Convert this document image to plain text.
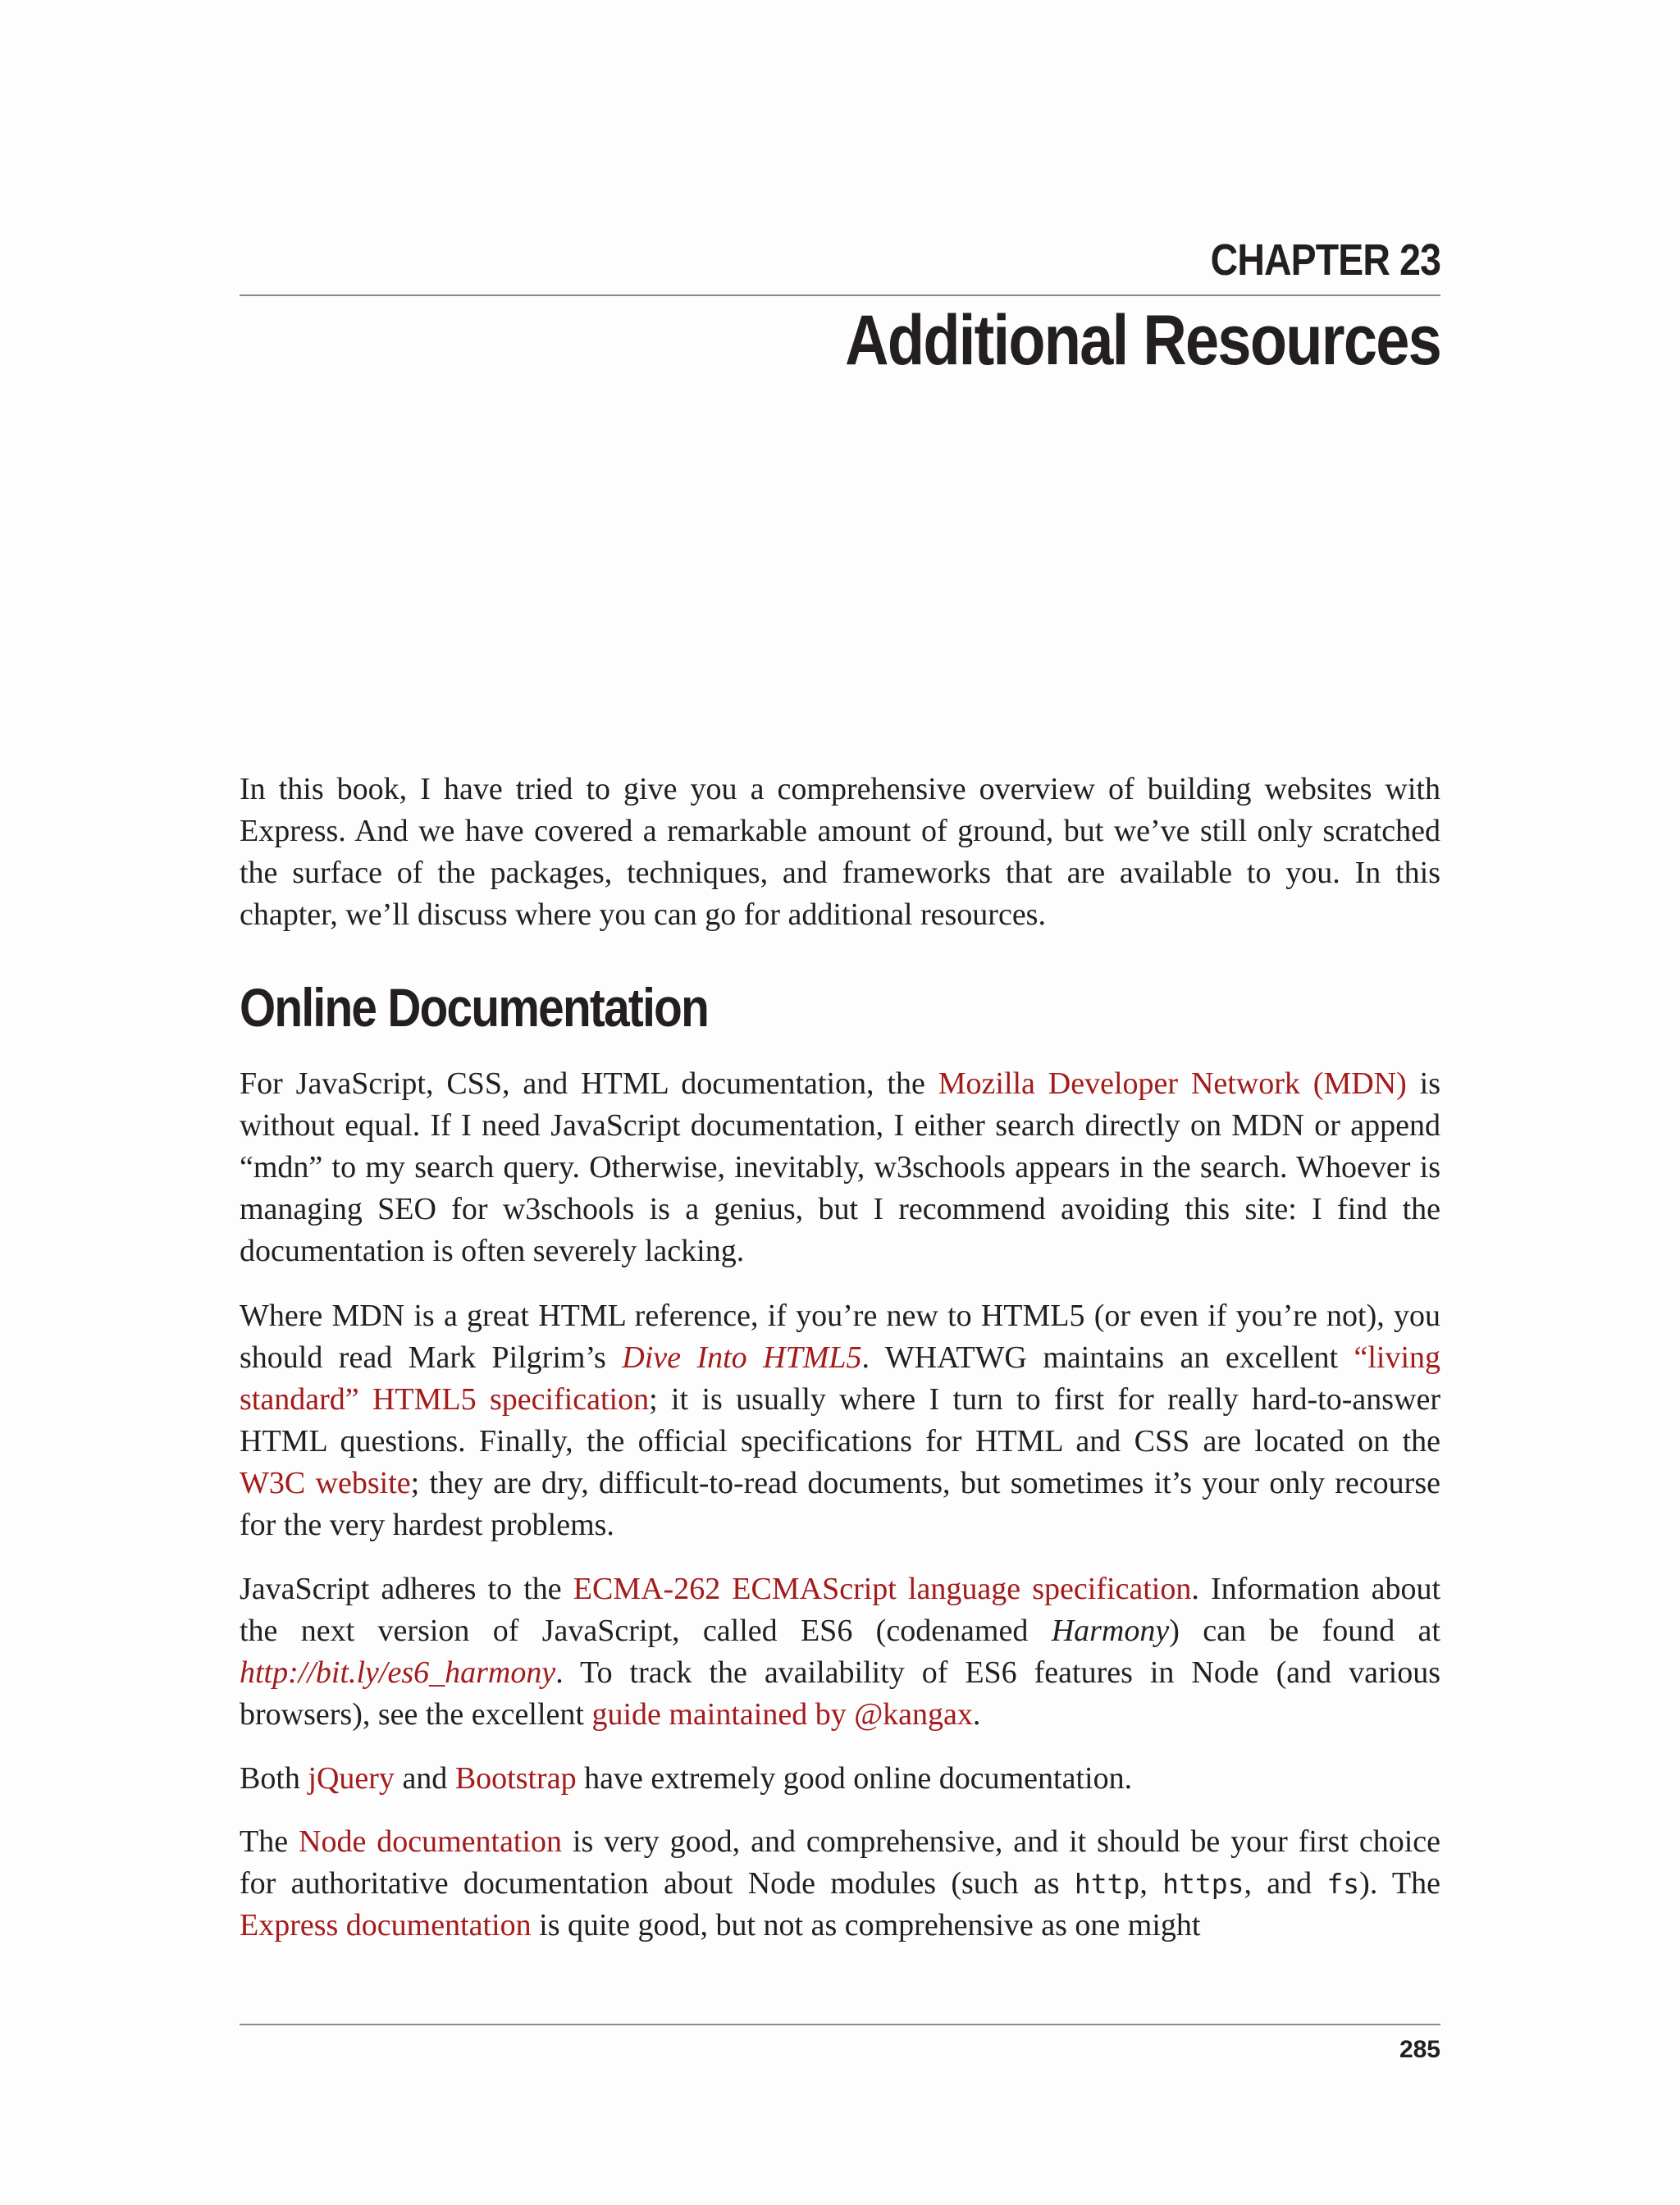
CHAPTER 23
Additional Resources

In this book, I have tried to give you a comprehensive overview of building websites with Express. And we have covered a remarkable amount of ground, but we’ve still only scratched the surface of the packages, techniques, and frameworks that are available to you. In this chapter, we’ll discuss where you can go for additional resources.

Online Documentation

For JavaScript, CSS, and HTML documentation, the Mozilla Developer Network (MDN) is without equal. If I need JavaScript documentation, I either search directly on MDN or append “mdn” to my search query. Otherwise, inevitably, w3schools appears in the search. Whoever is managing SEO for w3schools is a genius, but I recommend avoiding this site: I find the documentation is often severely lacking.

Where MDN is a great HTML reference, if you’re new to HTML5 (or even if you’re not), you should read Mark Pilgrim’s Dive Into HTML5. WHATWG maintains an excellent “living standard” HTML5 specification; it is usually where I turn to first for really hard-to-answer HTML questions. Finally, the official specifications for HTML and CSS are located on the W3C website; they are dry, difficult-to-read documents, but sometimes it’s your only recourse for the very hardest problems.

JavaScript adheres to the ECMA-262 ECMAScript language specification. Information about the next version of JavaScript, called ES6 (codenamed Harmony) can be found at http://bit.ly/es6_harmony. To track the availability of ES6 features in Node (and various browsers), see the excellent guide maintained by @kangax.

Both jQuery and Bootstrap have extremely good online documentation.

The Node documentation is very good, and comprehensive, and it should be your first choice for authoritative documentation about Node modules (such as http, https, and fs). The Express documentation is quite good, but not as comprehensive as one might

285
